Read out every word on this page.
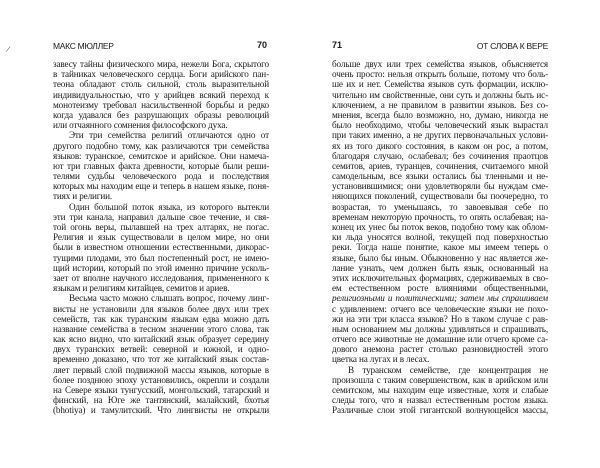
/	МАКС МЮЛЛЕР	70
завесу тайны физического мира, нежели Бога, скрытого
в тайниках человеческого сердца. Боги арийского пан-
теона обладают столь сильной, столь выразительной
индивидуальностью, что у арийцев всякий переход к
монотеизму требовал насильственной борьбы и редко
когда удавался без разрушающих образы революций
или отчаянного сомнения философского духа.
Эти три семейства религий отличаются одно от
другого подобно тому, как различаются три семейства
языков: туранское, семитское и арийское. Они намеча-
ют три главных факта древности, которые были реши-
телями судьбы человеческого рода и последствия
которых мы находим еще и теперь в нашем языке, поня-
тиях и религии.
Один большой поток языка, из которого вытекли
эти три канала, направил дальше свое течение, и свя-
той огонь веры, пылавшей на трех алтарях, не погас.
Религия и язык существовали в целом мире, но они
были в известном отношении естественными, дикорас-
тущими плодами, это был постепенный рост, не имею-
щий истории, который по этой именно причине усколь-
зает от вполне научного исследования, примененного к
языкам и религиям китайцев, семитов и ариев.
Весьма часто можно слышать вопрос, почему линг-
висты не установили для языков более двух или трех
семейств, так как туранским языкам едва можно дать
название семейства в тесном значении этого слова, так
как ясно видно, что китайский язык образует середину
двух туранских ветвей: северной и южной, и одно-
временно доказано, что тот же китайский язык состав-
ляет первый слой подвижной массы языков, которые в
более позднюю эпоху установились, окрепли и создали
на Севере языки тунгусский, монгольский, татарский и
финский, на Юге же тантянский, малайский, бхотья
(bhotiya) и тамулитский. Что лингвисты не открыли
71	ОТ СЛОВА К ВЕРЕ
больше двух или трех семейства языков, объясняется
очень просто: нельзя открыть больше, потому что боль-
ше их и нет. Семейства языков суть формации, исклю-
чительно им свойственные, они суть и должны быть ис-
ключением, а не правилом в развитии языков. Без со-
мнения, всегда было возможно, но, думаю, никогда не
было необходимо, чтобы человеческий язык вырастал
при таких именно, а не других первоначальных услови-
ях из того дикого состояния, в каком он рос, а потом,
благодаря случаю, ослабевал; без сочинения праотцов
семитов, ариев, туранцев, сочинения, считаемого мной
самодельным, все языки остались бы тленными и не-
установившимися; они удовлетворяли бы нуждам сме-
няющихся поколений, существовали бы поочередно, то
возрастая, то уменьшаясь, то завоевывая себе по
временам некоторую прочность, то опять ослабевая; на-
конец их унес бы поток веков, подобно тому как облом-
ки льда уносятся волной, текущей под поверхностью
реки. Тогда наше понятие, какое мы имеем теперь о
языке, было бы иным. Обыкновенно у нас является же-
лание узнать, чем должен быть язык, основанный на
этих исключительных формациях, сдерживаемых в сво-
ем естественном росте влияниями общественными,
религиозными и политическими; затем мы спрашиваем
с удивлением: отчего все человеческие языки не похо-
жи на эти три класса языков? Но в таком случае с рав-
ным основанием мы должны удивляться и спрашивать,
отчего все животные не домашние или отчего кроме са-
дового анемона растет столько разновидностей этого
цветка на лугах и в лесах.
В туранском семействе, где концентрация не
произошла с таким совершенством, как в арийском или
семитском, мы находим еще известные, хотя и слабые
следы того, что я назвал естественным ростом языка.
Различные слои этой гигантской волнующейся массы,
